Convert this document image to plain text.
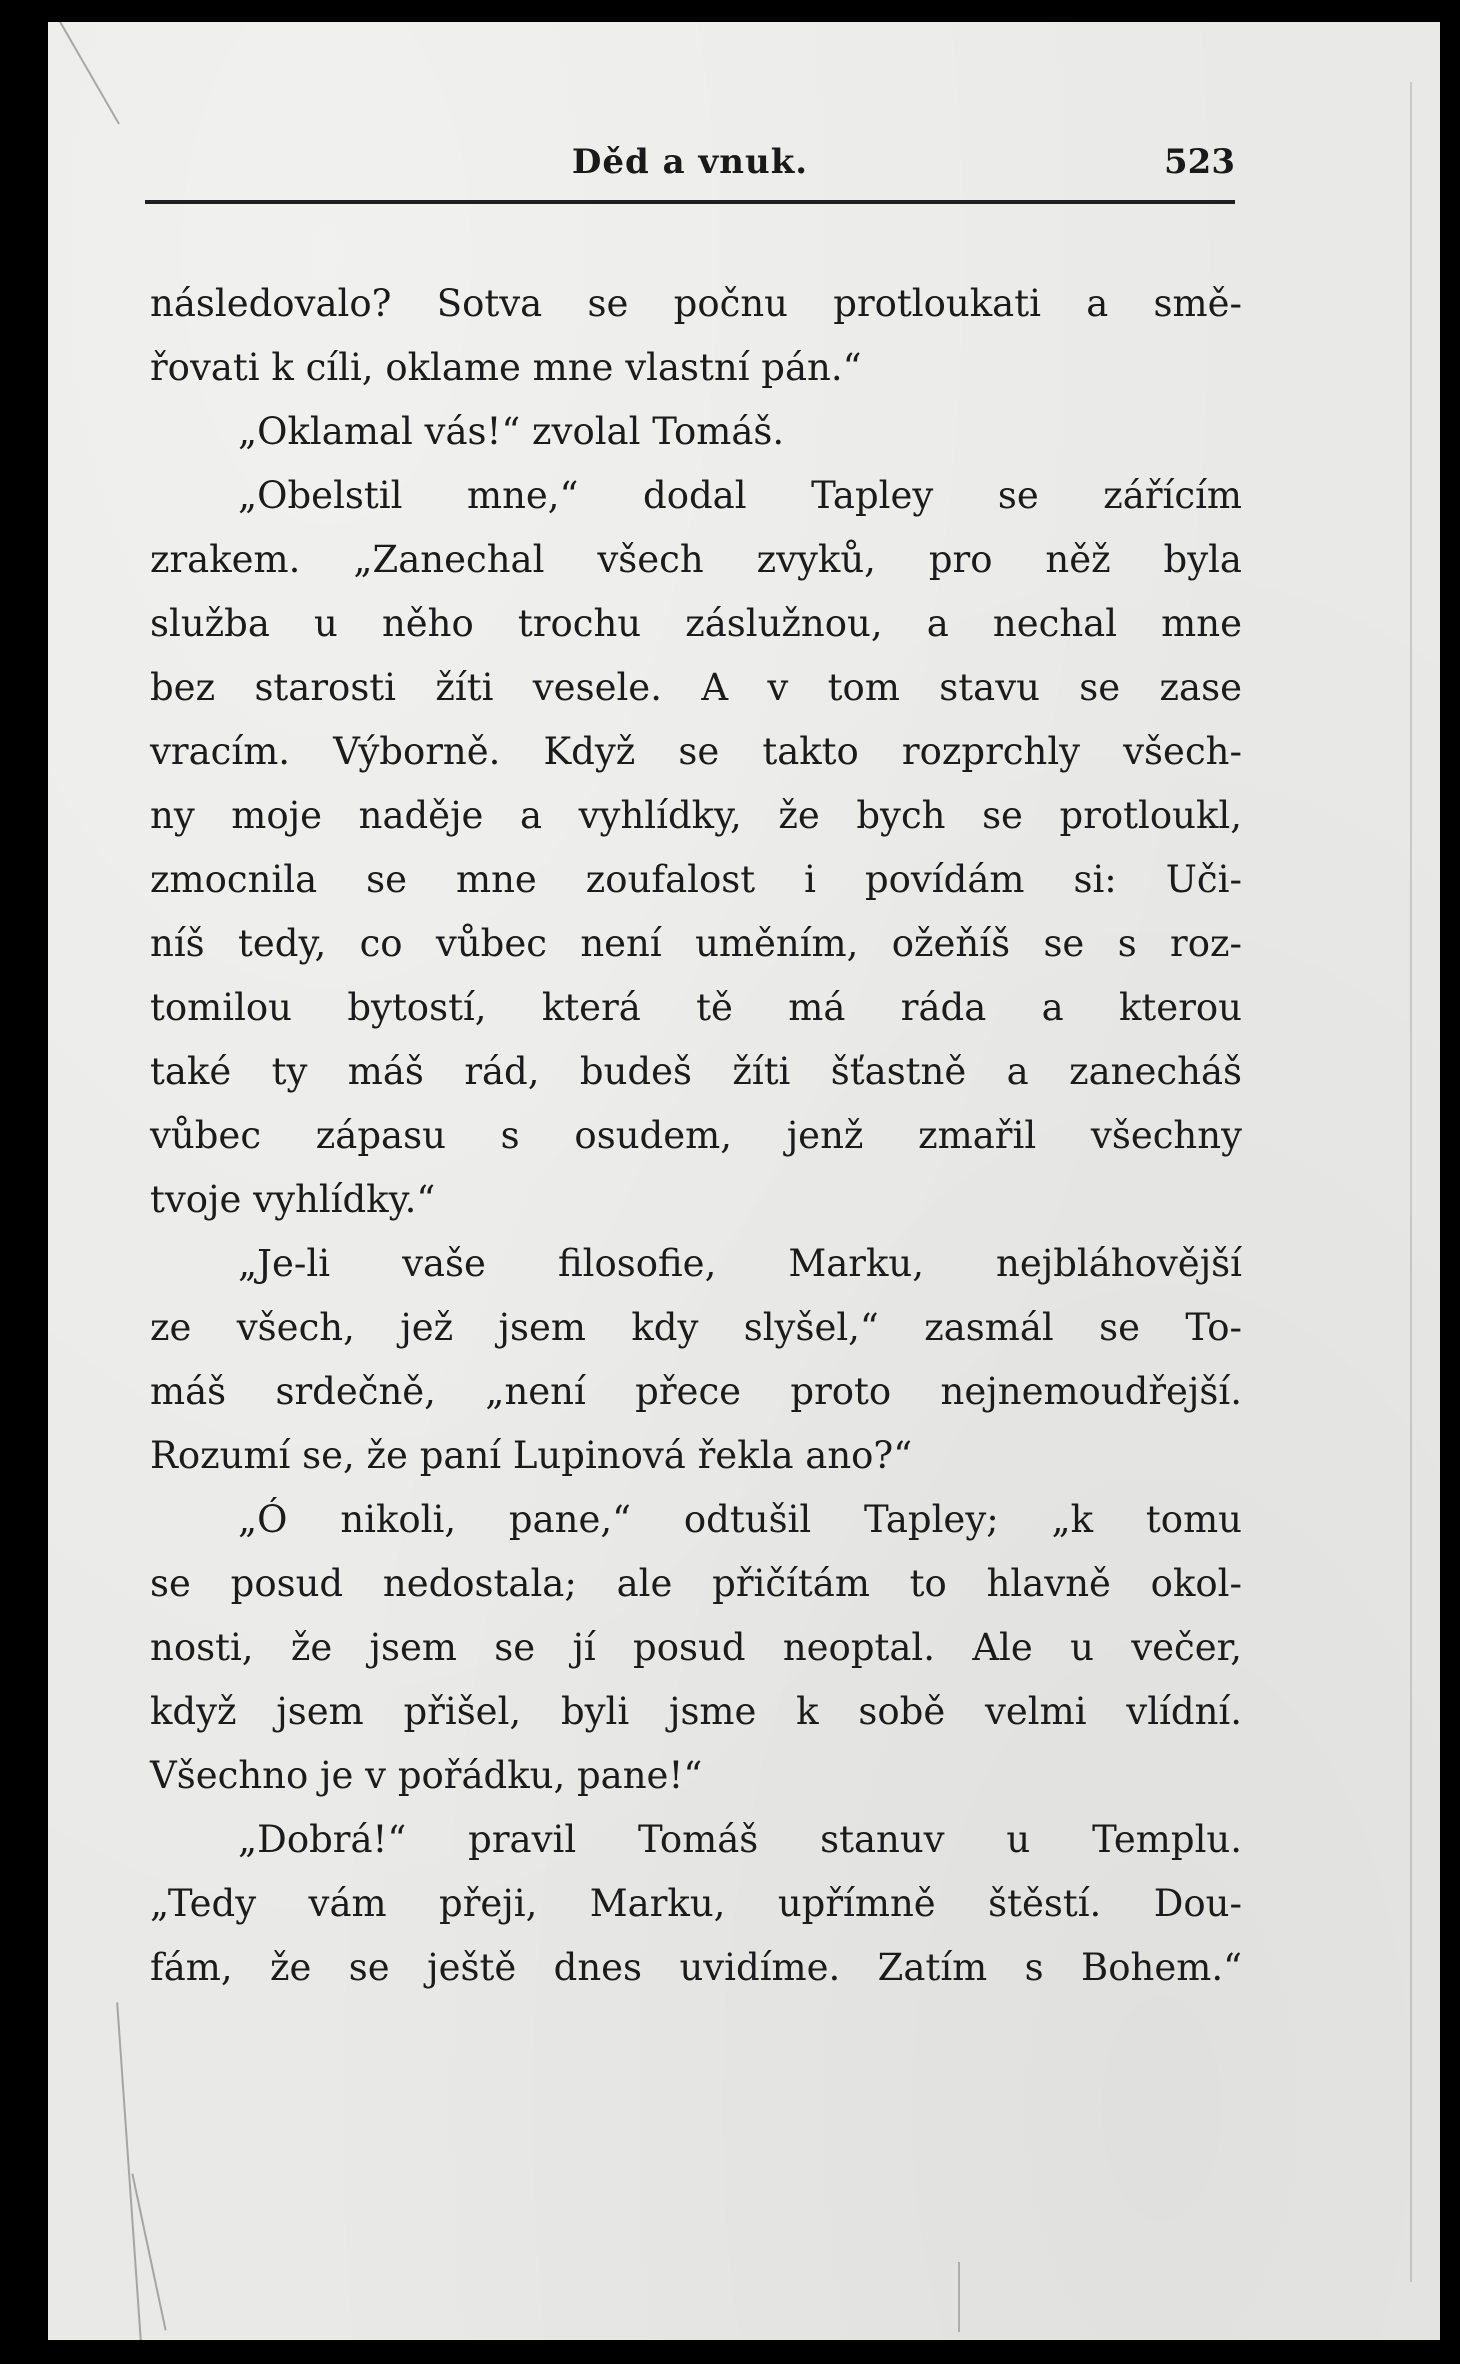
Děd a vnuk.	523
následovalo? Sotva se počnu protloukati a smě-
řovati k cíli, oklame mne vlastní pán.“
„Oklamal vás!“ zvolal Tomáš.
„Obelstil mne,“ dodal Tapley se zářícím
zrakem. „Zanechal všech zvyků, pro něž byla
služba u něho trochu záslužnou, a nechal mne
bez starosti žíti vesele. A v tom stavu se zase
vracím. Výborně. Když se takto rozprchly všech-
ny moje naděje a vyhlídky, že bych se protloukl,
zmocnila se mne zoufalost i povídám si: Uči-
níš tedy, co vůbec není uměním, ožeňíš se s roz-
tomilou bytostí, která tě má ráda a kterou
také ty máš rád, budeš žíti šťastně a zanecháš
vůbec zápasu s osudem, jenž zmařil všechny
tvoje vyhlídky.“
„Je-li vaše filosofie, Marku, nejbláhovější
ze všech, jež jsem kdy slyšel,“ zasmál se To-
máš srdečně, „není přece proto nejnemoudřejší.
Rozumí se, že paní Lupinová řekla ano?“
„Ó nikoli, pane,“ odtušil Tapley; „k tomu
se posud nedostala; ale přičítám to hlavně okol-
nosti, že jsem se jí posud neoptal. Ale u večer,
když jsem přišel, byli jsme k sobě velmi vlídní.
Všechno je v pořádku, pane!“
„Dobrá!“ pravil Tomáš stanuv u Templu.
„Tedy vám přeji, Marku, upřímně štěstí. Dou-
fám, že se ještě dnes uvidíme. Zatím s Bohem.“
